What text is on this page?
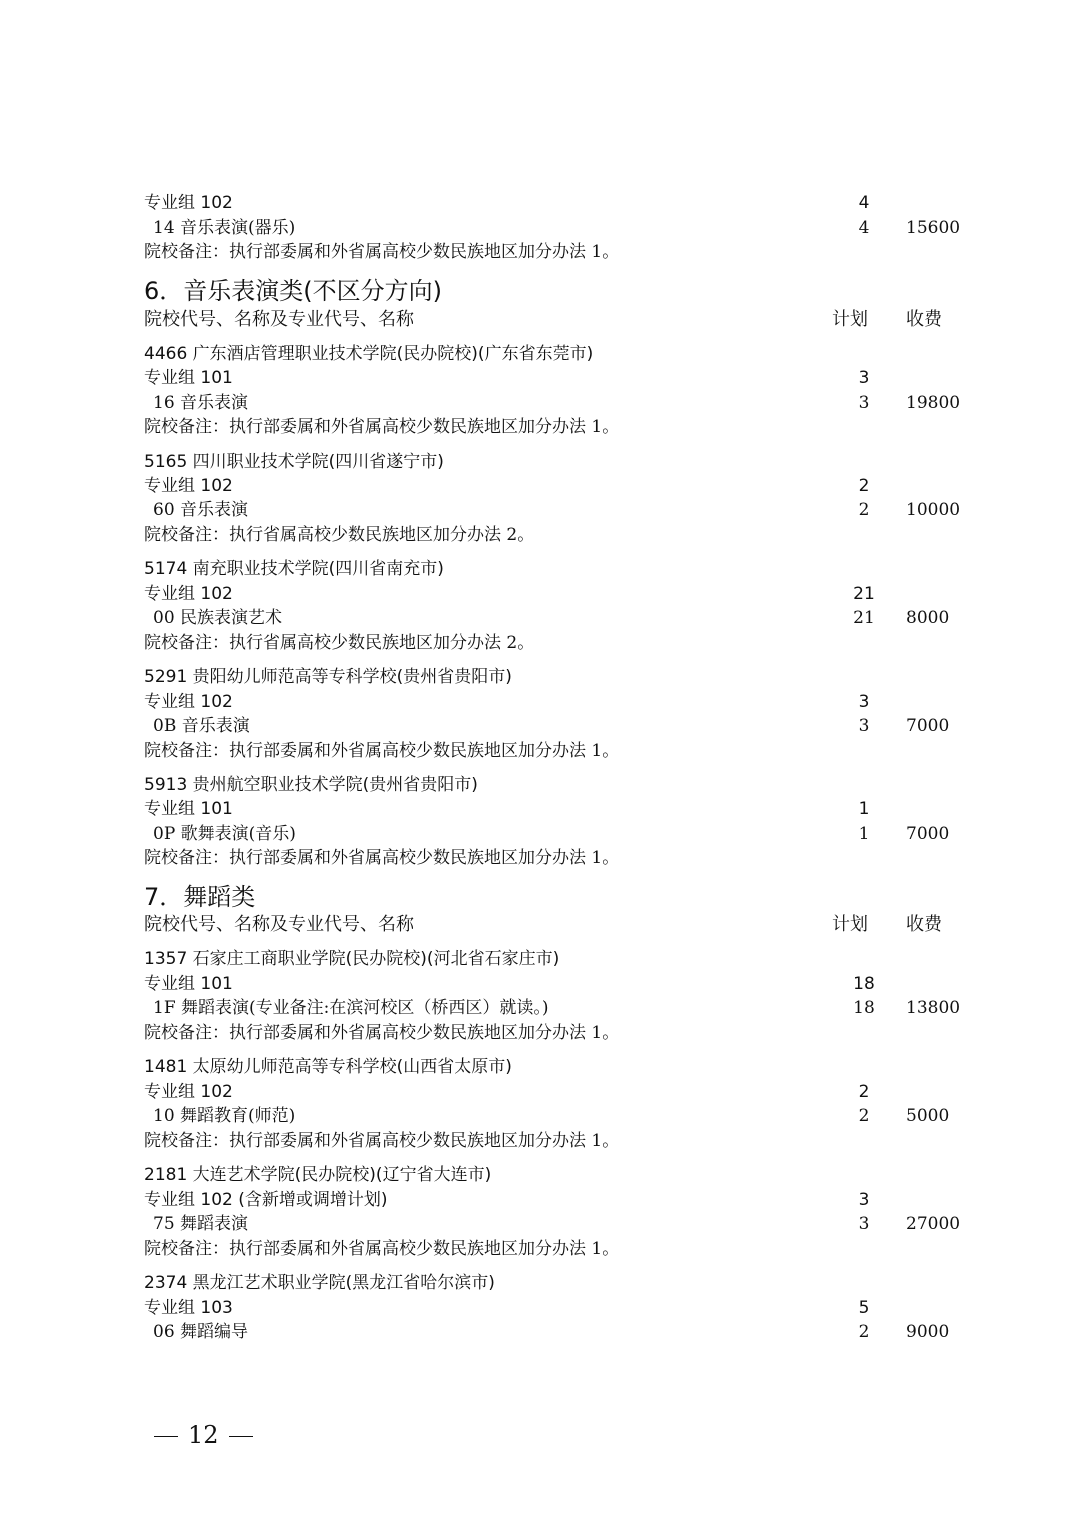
专业组 102	4
14 音乐表演(器乐)	4	15600
院校备注：执行部委属和外省属高校少数民族地区加分办法 1。
6．音乐表演类(不区分方向)
院校代号、名称及专业代号、名称	计划 收费
4466 广东酒店管理职业技术学院(民办院校)(广东省东莞市)
专业组 101	3
16 音乐表演	3	19800
院校备注：执行部委属和外省属高校少数民族地区加分办法 1。
5165 四川职业技术学院(四川省遂宁市)
专业组 102	2
60 音乐表演	2	10000
院校备注：执行省属高校少数民族地区加分办法 2。
5174 南充职业技术学院(四川省南充市)
专业组 102	21
00 民族表演艺术	21	8000
院校备注：执行省属高校少数民族地区加分办法 2。
5291 贵阳幼儿师范高等专科学校(贵州省贵阳市)
专业组 102	3
0B 音乐表演	3	7000
院校备注：执行部委属和外省属高校少数民族地区加分办法 1。
5913 贵州航空职业技术学院(贵州省贵阳市)
专业组 101	1
0P 歌舞表演(音乐)	1	7000
院校备注：执行部委属和外省属高校少数民族地区加分办法 1。
7．舞蹈类
院校代号、名称及专业代号、名称	计划 收费
1357 石家庄工商职业学院(民办院校)(河北省石家庄市)
专业组 101	18
1F 舞蹈表演(专业备注:在滨河校区（桥西区）就读。)	18	13800
院校备注：执行部委属和外省属高校少数民族地区加分办法 1。
1481 太原幼儿师范高等专科学校(山西省太原市)
专业组 102	2
10 舞蹈教育(师范)	2	5000
院校备注：执行部委属和外省属高校少数民族地区加分办法 1。
2181 大连艺术学院(民办院校)(辽宁省大连市)
专业组 102 (含新增或调增计划)	3
75 舞蹈表演	3	27000
院校备注：执行部委属和外省属高校少数民族地区加分办法 1。
2374 黑龙江艺术职业学院(黑龙江省哈尔滨市)
专业组 103	5
06 舞蹈编导	2	9000
12
